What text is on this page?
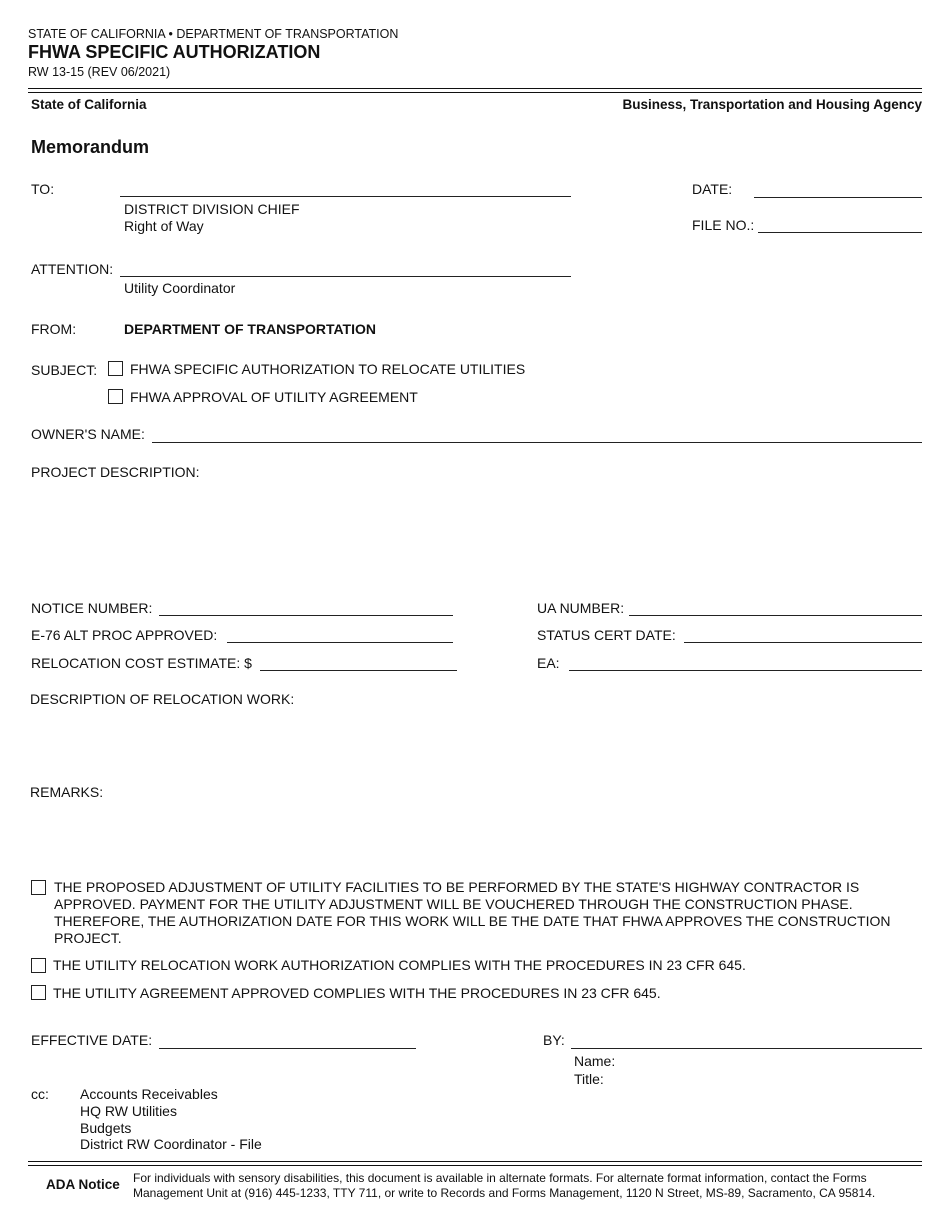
STATE OF CALIFORNIA • DEPARTMENT OF TRANSPORTATION
FHWA SPECIFIC AUTHORIZATION
RW 13-15 (REV 06/2021)
State of California	Business, Transportation and Housing Agency
Memorandum
TO:
DISTRICT DIVISION CHIEF
Right of Way
DATE:
FILE NO.:
ATTENTION:
Utility Coordinator
FROM:	DEPARTMENT OF TRANSPORTATION
SUBJECT: FHWA SPECIFIC AUTHORIZATION TO RELOCATE UTILITIES
FHWA APPROVAL OF UTILITY AGREEMENT
OWNER'S NAME:
PROJECT DESCRIPTION:
NOTICE NUMBER:	UA NUMBER:
E-76 ALT PROC APPROVED:	STATUS CERT DATE:
RELOCATION COST ESTIMATE: $	EA:
DESCRIPTION OF RELOCATION WORK:
REMARKS:
THE PROPOSED ADJUSTMENT OF UTILITY FACILITIES TO BE PERFORMED BY THE STATE'S HIGHWAY CONTRACTOR IS
APPROVED. PAYMENT FOR THE UTILITY ADJUSTMENT WILL BE VOUCHERED THROUGH THE CONSTRUCTION PHASE.
THEREFORE, THE AUTHORIZATION DATE FOR THIS WORK WILL BE THE DATE THAT FHWA APPROVES THE CONSTRUCTION
PROJECT.
THE UTILITY RELOCATION WORK AUTHORIZATION COMPLIES WITH THE PROCEDURES IN 23 CFR 645.
THE UTILITY AGREEMENT APPROVED COMPLIES WITH THE PROCEDURES IN 23 CFR 645.
EFFECTIVE DATE:	BY:
Name:
Title:
cc: Accounts Receivables
HQ RW Utilities
Budgets
District RW Coordinator - File
ADA Notice For individuals with sensory disabilities, this document is available in alternate formats. For alternate format information, contact the Forms
Management Unit at (916) 445-1233, TTY 711, or write to Records and Forms Management, 1120 N Street, MS-89, Sacramento, CA 95814.
